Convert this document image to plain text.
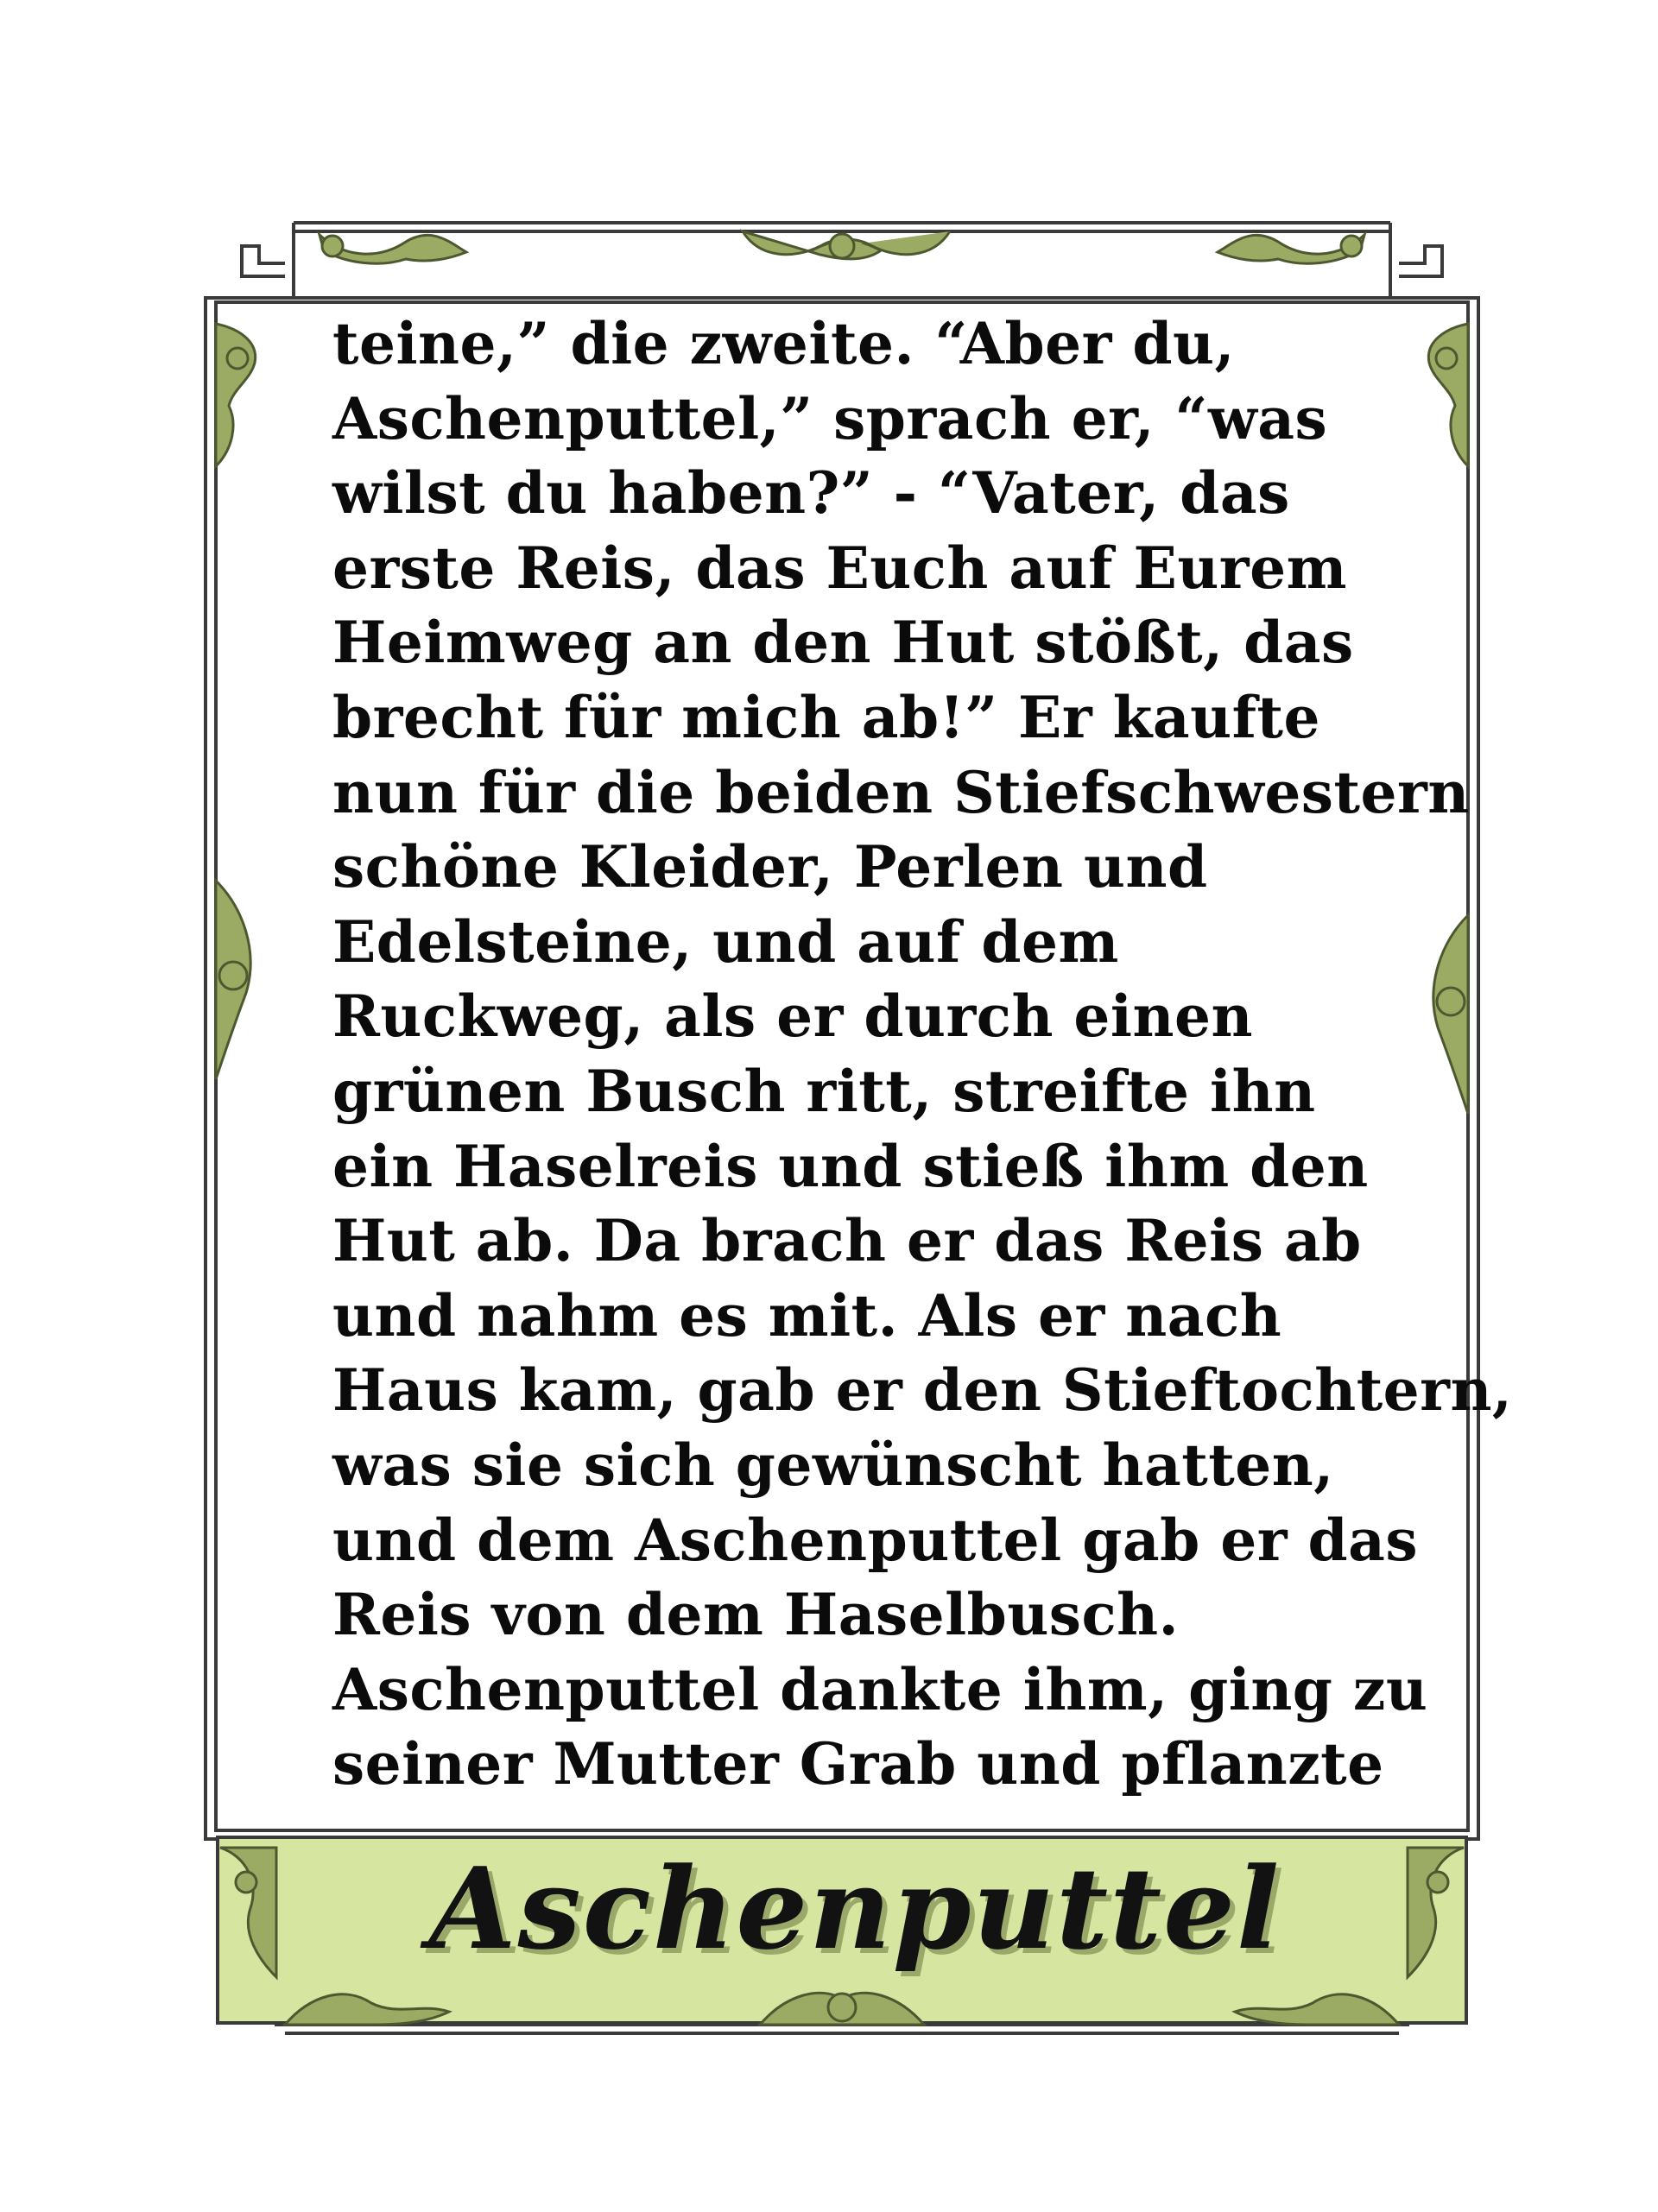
teine,” die zweite. “Aber du,
Aschenputtel,” sprach er, “was
wilst du haben?” - “Vater, das
erste Reis, das Euch auf Eurem
Heimweg an den Hut stößt, das
brecht für mich ab!” Er kaufte
nun für die beiden Stiefschwestern
schöne Kleider, Perlen und
Edelsteine, und auf dem
Ruckweg, als er durch einen
grünen Busch ritt, streifte ihn
ein Haselreis und stieß ihm den
Hut ab. Da brach er das Reis ab
und nahm es mit. Als er nach
Haus kam, gab er den Stieftochtern,
was sie sich gewünscht hatten,
und dem Aschenputtel gab er das
Reis von dem Haselbusch.
Aschenputtel dankte ihm, ging zu
seiner Mutter Grab und pflanzte
Aschenputtel
